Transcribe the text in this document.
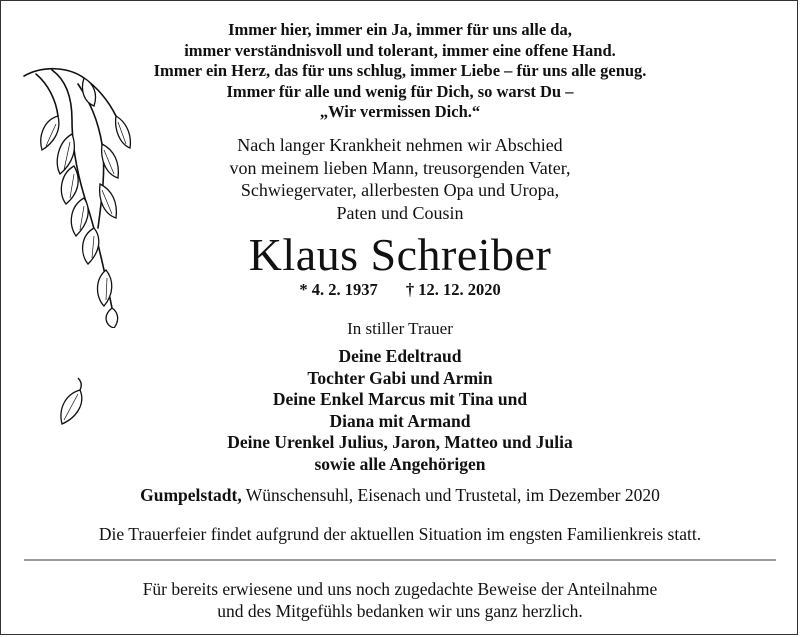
Immer hier, immer ein Ja, immer für uns alle da,
immer verständnisvoll und tolerant, immer eine offene Hand.
Immer ein Herz, das für uns schlug, immer Liebe – für uns alle genug.
Immer für alle und wenig für Dich, so warst Du –
„Wir vermissen Dich.“
Nach langer Krankheit nehmen wir Abschied
von meinem lieben Mann, treusorgenden Vater,
Schwiegervater, allerbesten Opa und Uropa,
Paten und Cousin
Klaus Schreiber
* 4. 2. 1937 † 12. 12. 2020
In stiller Trauer
Deine Edeltraud
Tochter Gabi und Armin
Deine Enkel Marcus mit Tina und
Diana mit Armand
Deine Urenkel Julius, Jaron, Matteo und Julia
sowie alle Angehörigen
Gumpelstadt, Wünschensuhl, Eisenach und Trustetal, im Dezember 2020
Die Trauerfeier findet aufgrund der aktuellen Situation im engsten Familienkreis statt.
Für bereits erwiesene und uns noch zugedachte Beweise der Anteilnahme
und des Mitgefühls bedanken wir uns ganz herzlich.
